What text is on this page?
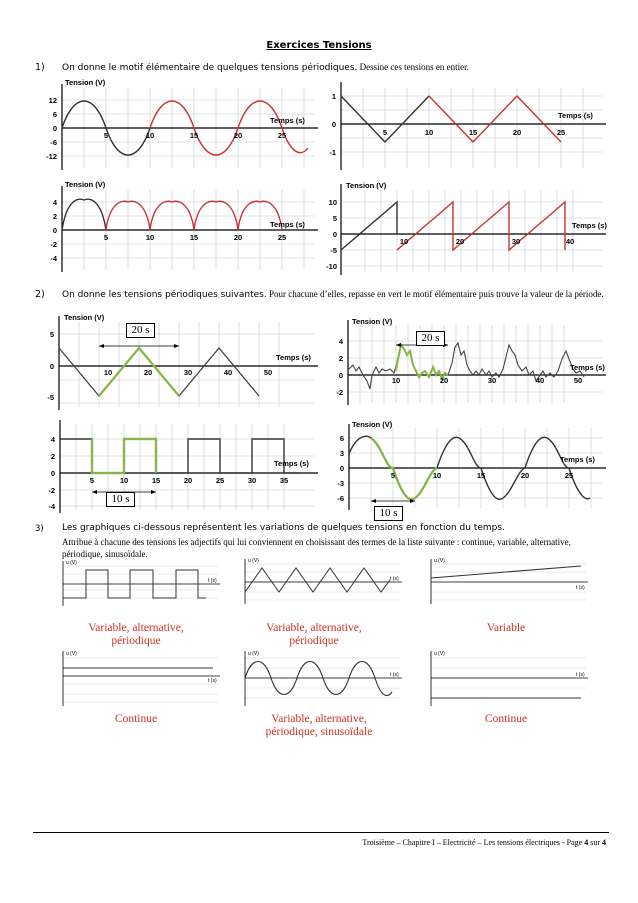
Exercices Tensions
1) On donne le motif élémentaire de quelques tensions périodiques. Dessine ces tensions en entier.
Tension (V)
Temps (s)
12
6
0
-6
-12
5	10	15	20	25
1
0
-1
Temps (s)
5	10	15	20	25
Tension (V)
Temps (s)
4
2
0
-2
-4
5	10	15	20	25
Tension (V)
Temps (s)
10
5
0
-5
-10
10	20	30	40
2) On donne les tensions périodiques suivantes. Pour chacune d’elles, repasse en vert le motif élémentaire puis trouve la valeur de la période.
Tension (V)
Temps (s)
5
0
-5
10	20	30	40	50
20 s
Tension (V)
Temps (s)
4
2
0
-2
10	20	30	40	50
20 s
Temps (s)
4
2
0
-2
-4
5	10	15	20	25	30	35
10 s
Tension (V)
Temps (s)
6
3
0
-3
-6
5	10	15	20	25
10 s
3) Les graphiques ci-dessous représentent les variations de quelques tensions en fonction du temps.
Attribue à chacune des tensions les adjectifs qui lui conviennent en choisissant des termes de la liste suivante : continue, variable, alternative, périodique, sinusoïdale.
u (V)
t (s)
u (V)
t (s)
u (V)
t (s)
Variable, alternative, périodique
Variable, alternative, périodique
Variable
u (V)
t (s)
u (V)
t (s)
u (V)
t (s)
Continue	Variable, alternative, périodique, sinusoïdale
Continue
Troisième – Chapitre I – Electricité – Les tensions électriques - Page 4 sur 4
